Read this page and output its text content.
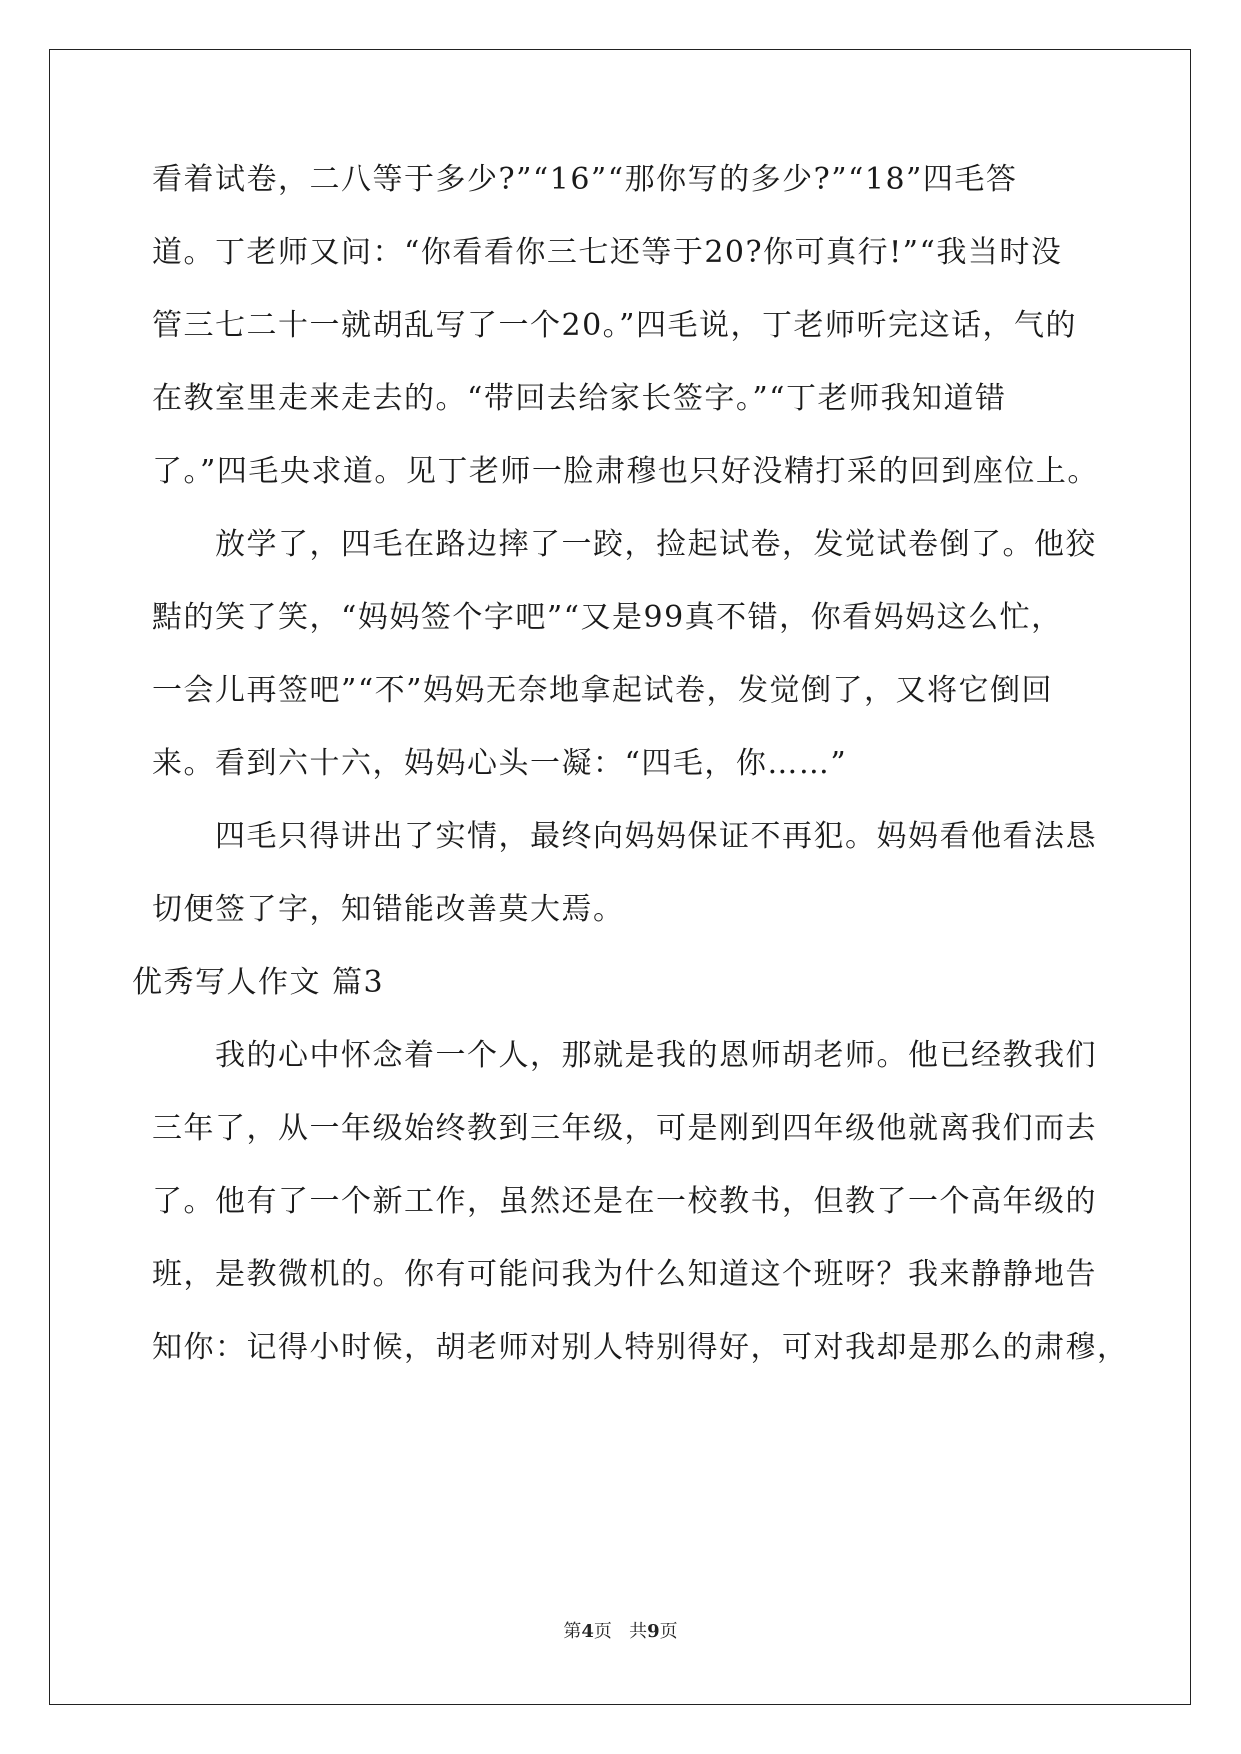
看着试卷，二八等于多少?”“16”“那你写的多少?”“18”四毛答
道。丁老师又问：“你看看你三七还等于20?你可真行!”“我当时没
管三七二十一就胡乱写了一个20。”四毛说，丁老师听完这话，气的
在教室里走来走去的。“带回去给家长签字。”“丁老师我知道错
了。”四毛央求道。见丁老师一脸肃穆也只好没精打采的回到座位上。
　　放学了，四毛在路边摔了一跤，捡起试卷，发觉试卷倒了。他狡
黠的笑了笑，“妈妈签个字吧”“又是99真不错，你看妈妈这么忙，
一会儿再签吧”“不”妈妈无奈地拿起试卷，发觉倒了，又将它倒回
来。看到六十六，妈妈心头一凝：“四毛，你……”
　　四毛只得讲出了实情，最终向妈妈保证不再犯。妈妈看他看法恳
切便签了字，知错能改善莫大焉。
优秀写人作文 篇3
　　我的心中怀念着一个人，那就是我的恩师胡老师。他已经教我们
三年了，从一年级始终教到三年级，可是刚到四年级他就离我们而去
了。他有了一个新工作，虽然还是在一校教书，但教了一个高年级的
班，是教微机的。你有可能问我为什么知道这个班呀？我来静静地告
知你：记得小时候，胡老师对别人特别得好，可对我却是那么的肃穆，
第4页 共9页
